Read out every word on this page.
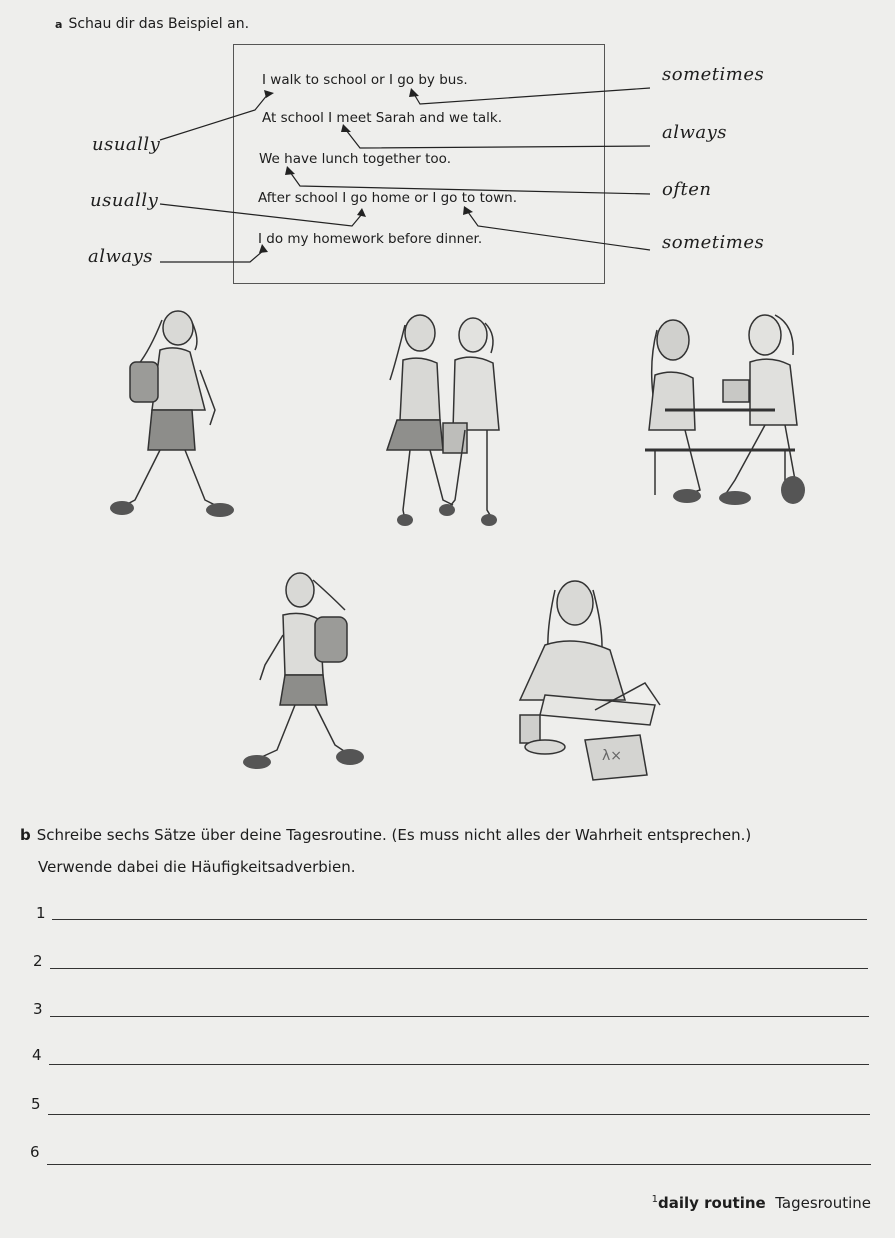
a Schau dir das Beispiel an.
I walk to school or I go by bus.
At school I meet Sarah and we talk.
We have lunch together too.
After school I go home or I go to town.
I do my homework before dinner.
usually
usually
always
sometimes
always
often
sometimes
λ×
b Schreibe sechs Sätze über deine Tagesroutine. (Es muss nicht alles der Wahrheit entsprechen.)
Verwende dabei die Häufigkeitsadverbien.
1
2
3
4
5
6
$^1$daily routine Tagesroutine
